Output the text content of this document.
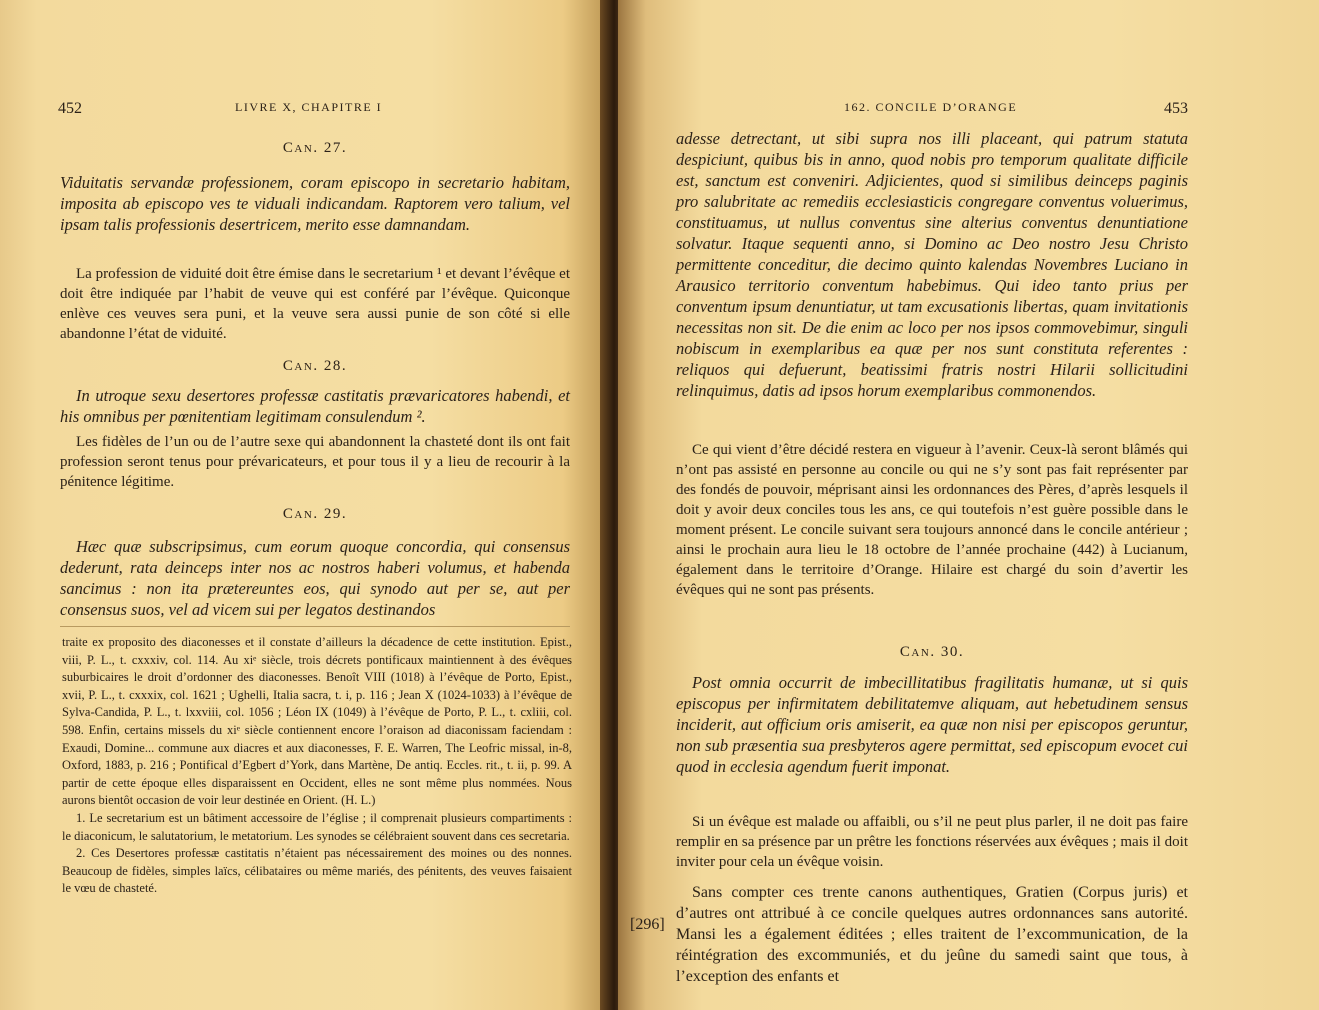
452	LIVRE X, CHAPITRE I
Can. 27.

Viduitatis servandæ professionem, coram episcopo in secretario habitam, imposita ab episcopo ves te viduali indicandam. Raptorem vero talium, vel ipsam talis professionis desertricem, merito esse damnandam.

La profession de viduité doit être émise dans le secretarium ¹ et devant l’évêque et doit être indiquée par l’habit de veuve qui est conféré par l’évêque. Quiconque enlève ces veuves sera puni, et la veuve sera aussi punie de son côté si elle abandonne l’état de viduité.

Can. 28.

In utroque sexu desertores professæ castitatis prævaricatores habendi, et his omnibus per pœnitentiam legitimam consulendum ².

Les fidèles de l’un ou de l’autre sexe qui abandonnent la chasteté dont ils ont fait profession seront tenus pour prévaricateurs, et pour tous il y a lieu de recourir à la pénitence légitime.

Can. 29.

Hæc quæ subscripsimus, cum eorum quoque concordia, qui consensus dederunt, rata deinceps inter nos ac nostros haberi volumus, et habenda sancimus : non ita prætereuntes eos, qui synodo aut per se, aut per consensus suos, vel ad vicem sui per legatos destinandos

traite ex proposito des diaconesses et il constate d’ailleurs la décadence de cette institution. Epist., viii, P. L., t. cxxxiv, col. 114. Au xiᵉ siècle, trois décrets pontificaux maintiennent à des évêques suburbicaires le droit d’ordonner des diaconesses. Benoît VIII (1018) à l’évêque de Porto, Epist., xvii, P. L., t. cxxxix, col. 1621 ; Ughelli, Italia sacra, t. i, p. 116 ; Jean X (1024-1033) à l’évêque de Sylva-Candida, P. L., t. lxxviii, col. 1056 ; Léon IX (1049) à l’évêque de Porto, P. L., t. cxliii, col. 598. Enfin, certains missels du xiᵉ siècle contiennent encore l’oraison ad diaconissam faciendam : Exaudi, Domine... commune aux diacres et aux diaconesses, F. E. Warren, The Leofric missal, in-8, Oxford, 1883, p. 216 ; Pontifical d’Egbert d’York, dans Martène, De antiq. Eccles. rit., t. ii, p. 99. A partir de cette époque elles disparaissent en Occident, elles ne sont même plus nommées. Nous aurons bientôt occasion de voir leur destinée en Orient. (H. L.)

1. Le secretarium est un bâtiment accessoire de l’église ; il comprenait plusieurs compartiments : le diaconicum, le salutatorium, le metatorium. Les synodes se célébraient souvent dans ces secretaria.

2. Ces Desertores professæ castitatis n’étaient pas nécessairement des moines ou des nonnes. Beaucoup de fidèles, simples laïcs, célibataires ou même mariés, des pénitents, des veuves faisaient le vœu de chasteté.

162. CONCILE D’ORANGE	453

adesse detrectant, ut sibi supra nos illi placeant, qui patrum statuta despiciunt, quibus bis in anno, quod nobis pro temporum qualitate difficile est, sanctum est conveniri. Adjicientes, quod si similibus deinceps paginis pro salubritate ac remediis ecclesiasticis congregare conventus voluerimus, constituamus, ut nullus conventus sine alterius conventus denuntiatione solvatur. Itaque sequenti anno, si Domino ac Deo nostro Jesu Christo permittente conceditur, die decimo quinto kalendas Novembres Luciano in Arausico territorio conventum habebimus. Qui ideo tanto prius per conventum ipsum denuntiatur, ut tam excusationis libertas, quam invitationis necessitas non sit. De die enim ac loco per nos ipsos commovebimur, singuli nobiscum in exemplaribus ea quæ per nos sunt constituta referentes : reliquos qui defuerunt, beatissimi fratris nostri Hilarii sollicitudini relinquimus, datis ad ipsos horum exemplaribus commonendos.

Ce qui vient d’être décidé restera en vigueur à l’avenir. Ceux-là seront blâmés qui n’ont pas assisté en personne au concile ou qui ne s’y sont pas fait représenter par des fondés de pouvoir, méprisant ainsi les ordonnances des Pères, d’après lesquels il doit y avoir deux conciles tous les ans, ce qui toutefois n’est guère possible dans le moment présent. Le concile suivant sera toujours annoncé dans le concile antérieur ; ainsi le prochain aura lieu le 18 octobre de l’année prochaine (442) à Lucianum, également dans le territoire d’Orange. Hilaire est chargé du soin d’avertir les évêques qui ne sont pas présents.

Can. 30.

Post omnia occurrit de imbecillitatibus fragilitatis humanæ, ut si quis episcopus per infirmitatem debilitatemve aliquam, aut hebetudinem sensus inciderit, aut officium oris amiserit, ea quæ non nisi per episcopos geruntur, non sub præsentia sua presbyteros agere permittat, sed episcopum evocet cui quod in ecclesia agendum fuerit imponat.

Si un évêque est malade ou affaibli, ou s’il ne peut plus parler, il ne doit pas faire remplir en sa présence par un prêtre les fonctions réservées aux évêques ; mais il doit inviter pour cela un évêque voisin.

Sans compter ces trente canons authentiques, Gratien (Corpus juris) et d’autres ont attribué à ce concile quelques autres ordonnances sans autorité. Mansi les a également éditées ; elles traitent de l’excommunication, de la réintégration des excommuniés, et du jeûne du samedi saint que tous, à l’exception des enfants et

[296]
